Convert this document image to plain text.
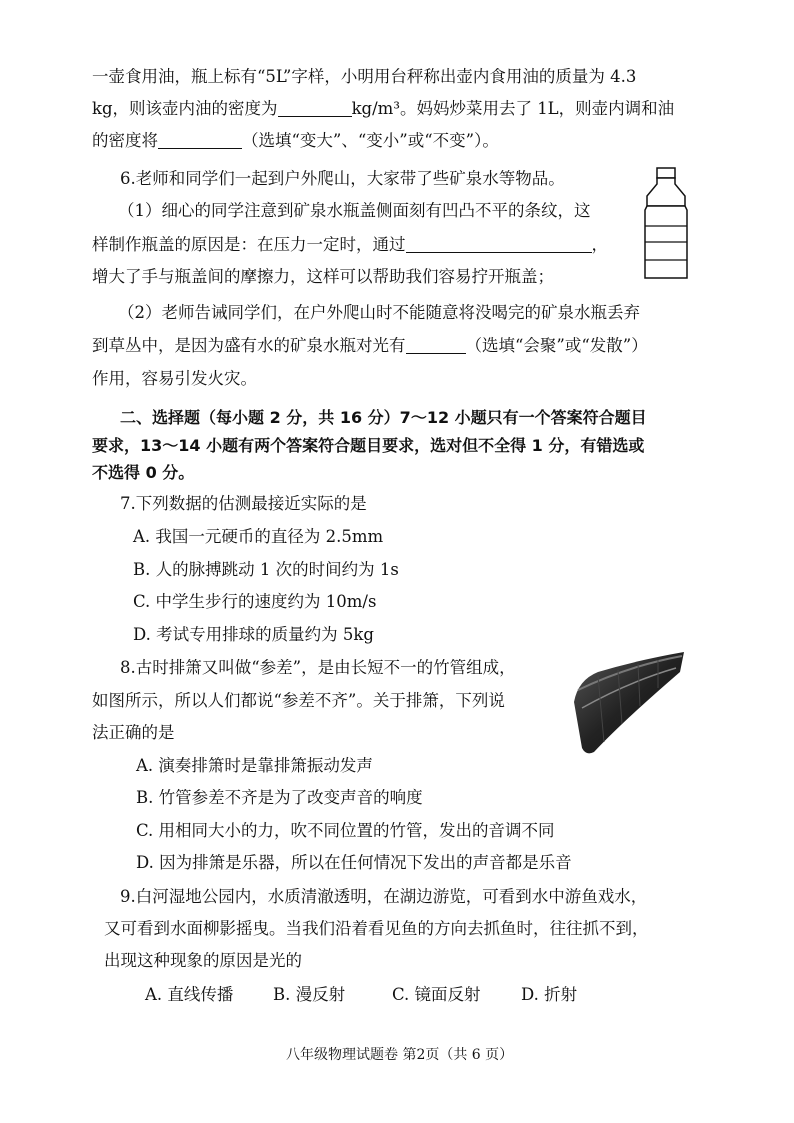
一壶食用油，瓶上标有“5L”字样，小明用台秤称出壶内食用油的质量为 4.3
kg，则该壶内油的密度为	kg/m³。妈妈炒菜用去了 1L，则壶内调和油
的密度将	（选填“变大”、“变小”或“不变”）。
6.老师和同学们一起到户外爬山，大家带了些矿泉水等物品。
（1）细心的同学注意到矿泉水瓶盖侧面刻有凹凸不平的条纹，这
样制作瓶盖的原因是：在压力一定时，通过	，
增大了手与瓶盖间的摩擦力，这样可以帮助我们容易拧开瓶盖；
（2）老师告诫同学们，在户外爬山时不能随意将没喝完的矿泉水瓶丢弃
到草丛中，是因为盛有水的矿泉水瓶对光有	（选填“会聚”或“发散”）
作用，容易引发火灾。
二、选择题（每小题 2 分，共 16 分）7～12 小题只有一个答案符合题目
要求，13～14 小题有两个答案符合题目要求，选对但不全得 1 分，有错选或
不选得 0 分。
7.下列数据的估测最接近实际的是
A. 我国一元硬币的直径为 2.5mm
B. 人的脉搏跳动 1 次的时间约为 1s
C. 中学生步行的速度约为 10m/s
D. 考试专用排球的质量约为 5kg
8.古时排箫又叫做“参差”，是由长短不一的竹管组成，
如图所示，所以人们都说“参差不齐”。关于排箫，下列说
法正确的是
A. 演奏排箫时是靠排箫振动发声
B. 竹管参差不齐是为了改变声音的响度
C. 用相同大小的力，吹不同位置的竹管，发出的音调不同
D. 因为排箫是乐器，所以在任何情况下发出的声音都是乐音
9.白河湿地公园内，水质清澈透明，在湖边游览，可看到水中游鱼戏水，
又可看到水面柳影摇曳。当我们沿着看见鱼的方向去抓鱼时，往往抓不到，
出现这种现象的原因是光的
A. 直线传播 B. 漫反射	C. 镜面反射 D. 折射
八年级物理试题卷 第2页（共 6 页）
